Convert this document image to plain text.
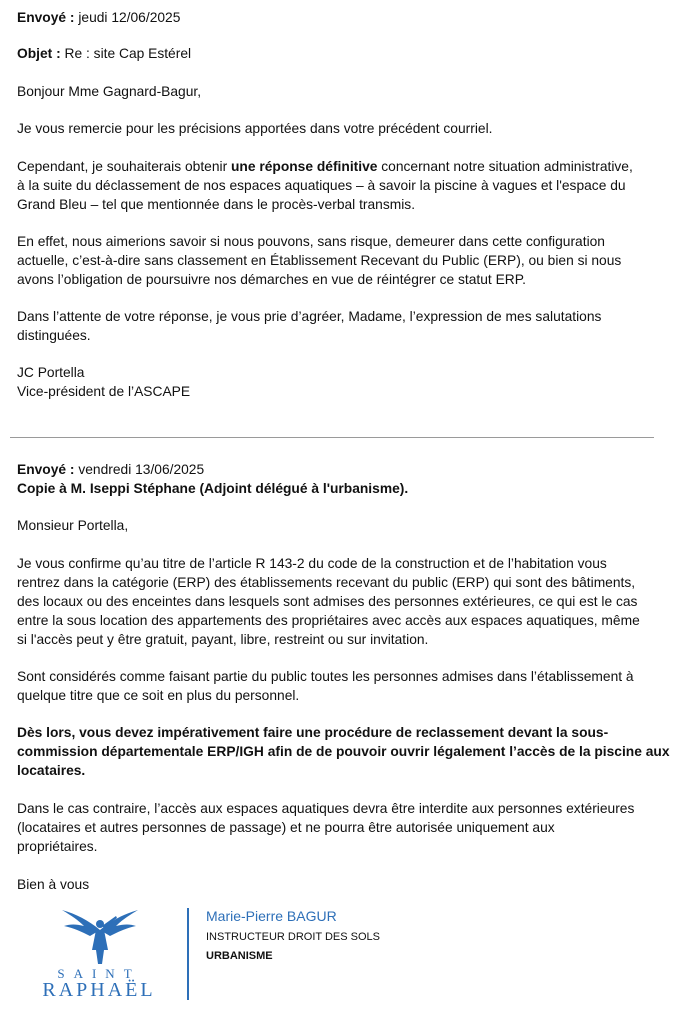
Envoyé : jeudi 12/06/2025
Objet : Re : site Cap Estérel
Bonjour Mme Gagnard-Bagur,
Je vous remercie pour les précisions apportées dans votre précédent courriel.
Cependant, je souhaiterais obtenir une réponse définitive concernant notre situation administrative,
à la suite du déclassement de nos espaces aquatiques – à savoir la piscine à vagues et l'espace du
Grand Bleu – tel que mentionnée dans le procès-verbal transmis.
En effet, nous aimerions savoir si nous pouvons, sans risque, demeurer dans cette configuration
actuelle, c’est-à-dire sans classement en Établissement Recevant du Public (ERP), ou bien si nous
avons l’obligation de poursuivre nos démarches en vue de réintégrer ce statut ERP.
Dans l’attente de votre réponse, je vous prie d’agréer, Madame, l’expression de mes salutations
distinguées.
JC Portella
Vice-président de l’ASCAPE
Envoyé : vendredi 13/06/2025
Copie à M. Iseppi Stéphane (Adjoint délégué à l'urbanisme).
Monsieur Portella,
Je vous confirme qu’au titre de l’article R 143-2 du code de la construction et de l’habitation vous
rentrez dans la catégorie (ERP) des établissements recevant du public (ERP) qui sont des bâtiments,
des locaux ou des enceintes dans lesquels sont admises des personnes extérieures, ce qui est le cas
entre la sous location des appartements des propriétaires avec accès aux espaces aquatiques, même
si l'accès peut y être gratuit, payant, libre, restreint ou sur invitation.
Sont considérés comme faisant partie du public toutes les personnes admises dans l’établissement à
quelque titre que ce soit en plus du personnel.
Dès lors, vous devez impérativement faire une procédure de reclassement devant la sous-
commission départementale ERP/IGH afin de de pouvoir ouvrir légalement l’accès de la piscine aux
locataires.
Dans le cas contraire, l’accès aux espaces aquatiques devra être interdite aux personnes extérieures
(locataires et autres personnes de passage) et ne pourra être autorisée uniquement aux
propriétaires.
Bien à vous
SAINT
RAPHAËL
Marie-Pierre BAGUR
INSTRUCTEUR DROIT DES SOLS
URBANISME
